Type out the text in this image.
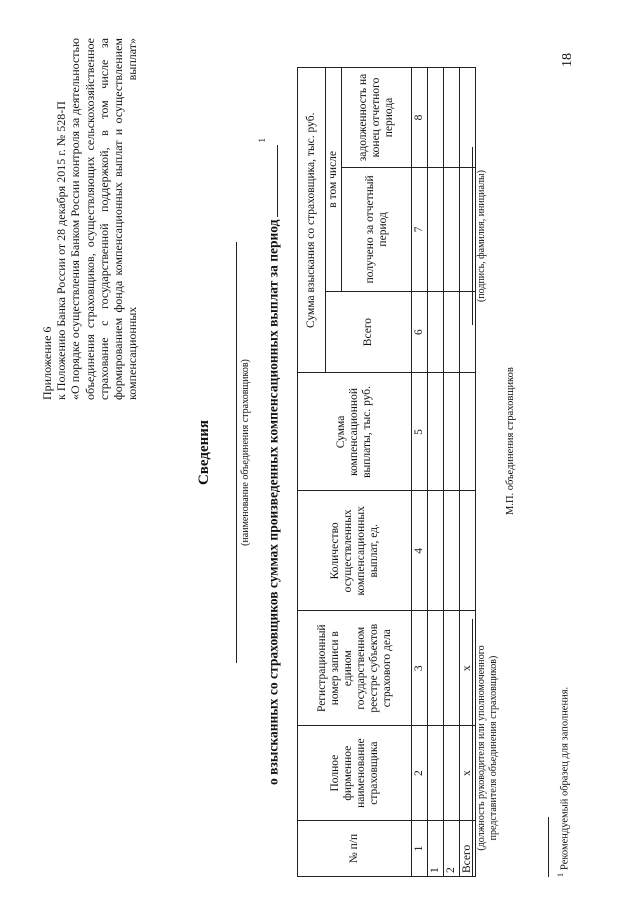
18
Приложение 6 к Положению Банка России от 28 декабря 2015 г. № 528-П «О порядке осуществления Банком России контроля за деятельностью объединения страховщиков, осуществляющих сельскохозяйственное страхование с государственной поддержкой, в том числе за формированием фонда компенсационных выплат и осуществлением компенсационных выплат»
Сведения	(наименование объединения страховщиков) о взысканных со страховщиков суммах произведенных компенсационных выплат за период$^1$
№ п/п	Полное фирменное наименование страховщика	Регистрационный номер записи в едином государственном реестре субъектов страхового дела	Количество осуществленных компенсационных выплат, ед.	Сумма компенсационной выплаты, тыс. руб.	Сумма взыскания со страховщика, тыс. руб.		
					Всего	в том числе	
						получено за отчетный период	задолженность на конец отчетного периода
1	2	3	4	5	6	7	8
1							
2							
Всего	x	x					(должность руководителя или уполномоченного представителя объединения страховщиков)
(подпись, фамилия, инициалы)
М.П. объединения страховщиков
$^1$Рекомендуемый образец для заполнения.
